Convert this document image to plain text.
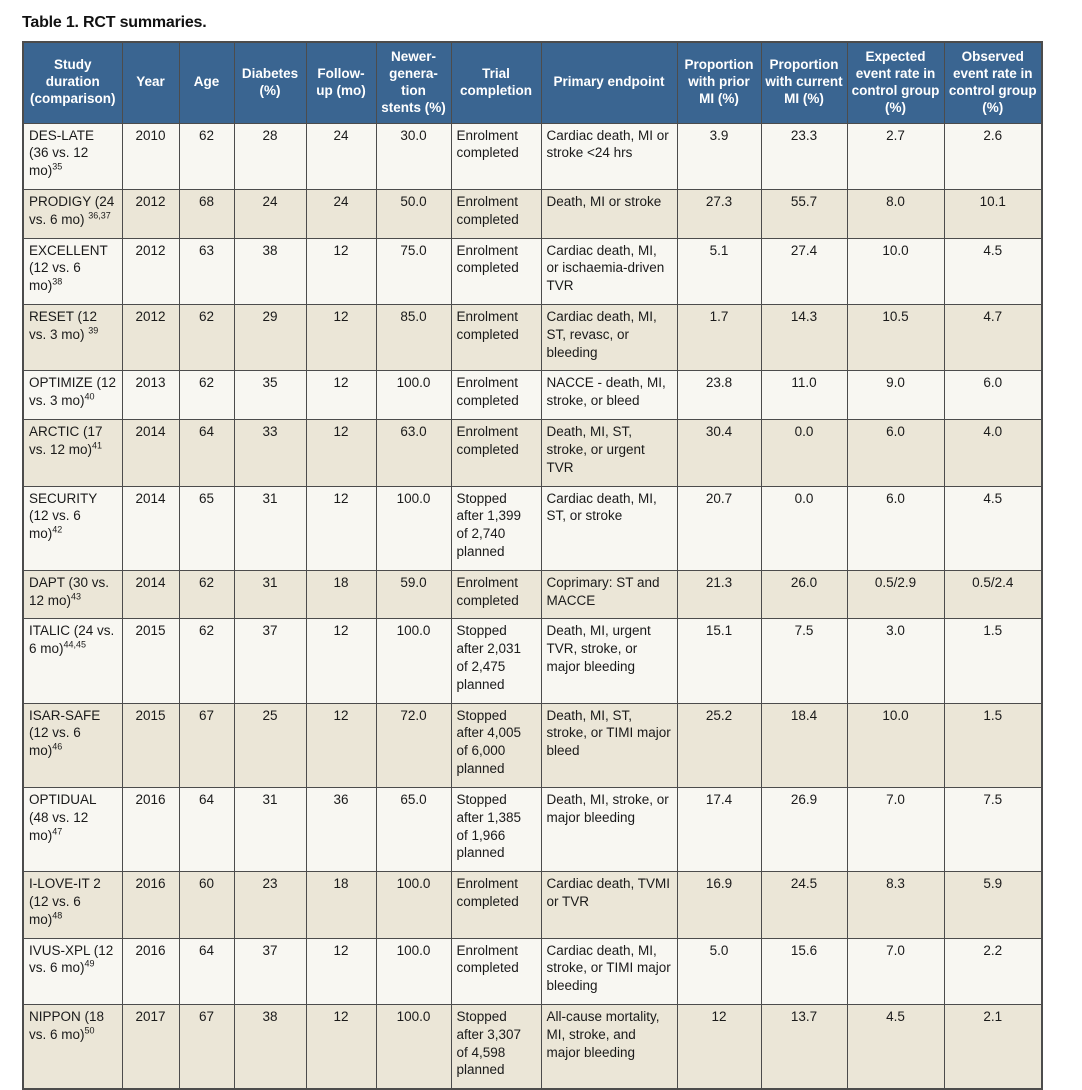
Table 1. RCT summaries.
Study duration (comparison)	Year	Age	Diabetes (%)	Follow-up (mo)	Newer-generation stents (%)	Trial completion	Primary endpoint	Proportion with prior MI (%)	Proportion with current MI (%)	Expected event rate in control group (%)	Observed event rate in control group (%)
DES-LATE (36 vs. 12 mo)$^{35}$	2010	62	28	24	30.0	Enrolment completed	Cardiac death, MI or stroke <24 hrs	3.9	23.3	2.7	2.6
PRODIGY (24 vs. 6 mo) $^{36,37}$	2012	68	24	24	50.0	Enrolment completed	Death, MI or stroke	27.3	55.7	8.0	10.1
EXCELLENT (12 vs. 6 mo)$^{38}$	2012	63	38	12	75.0	Enrolment completed	Cardiac death, MI, or ischaemia-driven TVR	5.1	27.4	10.0	4.5
RESET (12 vs. 3 mo) $^{39}$	2012	62	29	12	85.0	Enrolment completed	Cardiac death, MI, ST, revasc, or bleeding	1.7	14.3	10.5	4.7
OPTIMIZE (12 vs. 3 mo)$^{40}$	2013	62	35	12	100.0	Enrolment completed	NACCE - death, MI, stroke, or bleed	23.8	11.0	9.0	6.0
ARCTIC (17 vs. 12 mo)$^{41}$	2014	64	33	12	63.0	Enrolment completed	Death, MI, ST, stroke, or urgent TVR	30.4	0.0	6.0	4.0
SECURITY (12 vs. 6 mo)$^{42}$	2014	65	31	12	100.0	Stopped after 1,399 of 2,740 planned	Cardiac death, MI, ST, or stroke	20.7	0.0	6.0	4.5
DAPT (30 vs. 12 mo)$^{43}$	2014	62	31	18	59.0	Enrolment completed	Coprimary: ST and MACCE	21.3	26.0	0.5/2.9	0.5/2.4
ITALIC (24 vs. 6 mo)$^{44,45}$	2015	62	37	12	100.0	Stopped after 2,031 of 2,475 planned	Death, MI, urgent TVR, stroke, or major bleeding	15.1	7.5	3.0	1.5
ISAR-SAFE (12 vs. 6 mo)$^{46}$	2015	67	25	12	72.0	Stopped after 4,005 of 6,000 planned	Death, MI, ST, stroke, or TIMI major bleed	25.2	18.4	10.0	1.5
OPTIDUAL (48 vs. 12 mo)$^{47}$	2016	64	31	36	65.0	Stopped after 1,385 of 1,966 planned	Death, MI, stroke, or major bleeding	17.4	26.9	7.0	7.5
I-LOVE-IT 2 (12 vs. 6 mo)$^{48}$	2016	60	23	18	100.0	Enrolment completed	Cardiac death, TVMI or TVR	16.9	24.5	8.3	5.9
IVUS-XPL (12 vs. 6 mo)$^{49}$	2016	64	37	12	100.0	Enrolment completed	Cardiac death, MI, stroke, or TIMI major bleeding	5.0	15.6	7.0	2.2
NIPPON (18 vs. 6 mo)$^{50}$	2017	67	38	12	100.0	Stopped after 3,307 of 4,598 planned	All-cause mortality, MI, stroke, and major bleeding	12	13.7	4.5	2.1
